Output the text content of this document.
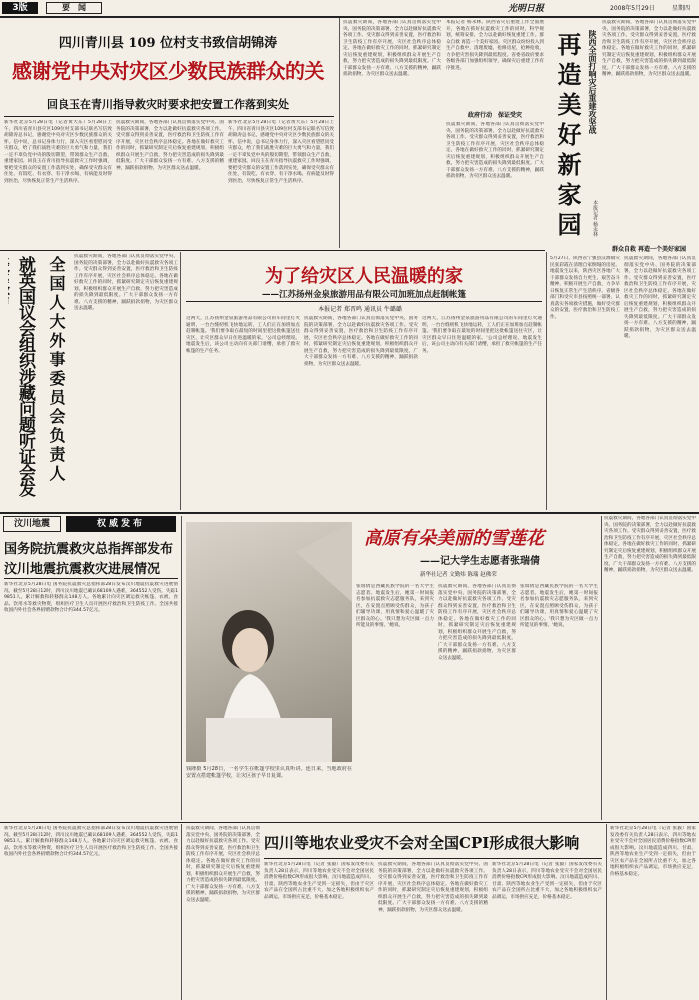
3版	要　闻	光明日报	2008年5月29日	星期四
四川青川县 109 位村支书致信胡锦涛
感谢党中央对灾区少数民族群众的关
回良玉在青川指导救灾时要求把安置工作落到实处
新华社北京5月28日电（记者黄大东）5月28日上午，四川省青川县灾区109位村支部书记联名写信致胡锦涛总书记，感谢党中央对灾区少数民族群众的关怀。信中说，总书记身体力行，深入灾区看望慰问受灾群众，给了我们战胜灾难的巨大勇气和力量，我们一定不辜负党中央的殷切期望，带领群众生产自救，重建家园。回良玉在青川指导抗震救灾工作时强调，要把受灾群众的安置工作落到实处，确保受灾群众有住处、有饭吃、有衣穿、有干净水喝、有病能及时得到医治，尽快恢复正常生产生活秩序。
抗震救灾期间，各地各部门认真贯彻落实党中央、国务院的决策部署，全力以赴做好抗震救灾各项工作。受灾群众得到妥善安置，医疗救治和卫生防疫工作有序开展，灾区社会秩序总体稳定。各地在做好救灾工作的同时，抓紧研究制定灾后恢复重建规划，积极组织群众开展生产自救，努力把灾害造成的损失降到最低限度。广大干部群众发扬一方有难、八方支援的精神，踊跃捐款捐物，为灾区群众送去温暖。
新华社北京5月28日电（记者黄大东）5月28日上午，四川省青川县灾区109位村支部书记联名写信致胡锦涛总书记，感谢党中央对灾区少数民族群众的关怀。信中说，总书记身体力行，深入灾区看望慰问受灾群众，给了我们战胜灾难的巨大勇气和力量，我们一定不辜负党中央的殷切期望，带领群众生产自救，重建家园。回良玉在青川指导抗震救灾工作时强调，要把受灾群众的安置工作落到实处，确保受灾群众有住处、有饭吃、有衣穿、有干净水喝、有病能及时得到医治，尽快恢复正常生产生活秩序。
抗震救灾期间，各地各部门认真贯彻落实党中央、国务院的决策部署，全力以赴做好抗震救灾各项工作。受灾群众得到妥善安置，医疗救治和卫生防疫工作有序开展，灾区社会秩序总体稳定。各地在做好救灾工作的同时，抓紧研究制定灾后恢复重建规划，积极组织群众开展生产自救，努力把灾害造成的损失降到最低限度。广大干部群众发扬一方有难、八方支援的精神，踊跃捐款捐物，为灾区群众送去温暖。
本报记者 杨永林。陕西省灾后重建工作全面展开，各地在抓好抗震救灾工作的同时，科学规划，统筹安排，全力以赴做好恢复重建工作。群众自救 再造一个美好家园。灾区群众纷纷投入到生产自救中，清理废墟，抢修房屋，抢种抢收，力争把灾害损失降到最低程度。省委省政府要求各级各部门加强组织领导，确保灾后重建工作有序推进。
政府行动　保证受灾
抗震救灾期间，各地各部门认真贯彻落实党中央、国务院的决策部署，全力以赴做好抗震救灾各项工作。受灾群众得到妥善安置，医疗救治和卫生防疫工作有序开展，灾区社会秩序总体稳定。各地在做好救灾工作的同时，抓紧研究制定灾后恢复重建规划，积极组织群众开展生产自救，努力把灾害造成的损失降到最低限度。广大干部群众发扬一方有难、八方支援的精神，踊跃捐款捐物，为灾区群众送去温暖。	再造美好新家园 陕西全面打响灾后重建攻坚战
本报记者 杨永林
抗震救灾期间，各地各部门认真贯彻落实党中央、国务院的决策部署，全力以赴做好抗震救灾各项工作。受灾群众得到妥善安置，医疗救治和卫生防疫工作有序开展，灾区社会秩序总体稳定。各地在做好救灾工作的同时，抓紧研究制定灾后恢复重建规划，积极组织群众开展生产自救，努力把灾害造成的损失降到最低限度。广大干部群众发扬一方有难、八方支援的精神，踊跃捐款捐物，为灾区群众送去温暖。
群众自救 再造一个美好家园
就英国议会组织涉藏问题听证会发
全国人大外事委员会负责人	抗震救灾期间，各地各部门认真贯彻落实党中央、国务院的决策部署，全力以赴做好抗震救灾各项工作。受灾群众得到妥善安置，医疗救治和卫生防疫工作有序开展，灾区社会秩序总体稳定。各地在做好救灾工作的同时，抓紧研究制定灾后恢复重建规划，积极组织群众开展生产自救，努力把灾害造成的损失降到最低限度。广大干部群众发扬一方有难、八方支援的精神，踊跃捐款捐物，为灾区群众送去温暖。
为了给灾区人民温暖的家
——江苏扬州金泉旅游用品有限公司加班加点赶制帐篷
本报记者 郑晋鸣 通讯员 牛璐璐
这两天，江苏扬州金泉旅游用品有限公司的车间里灯火通明，一台台缝纫机飞快地运转，工人们正在加班加点赶制帐篷。'我们要争取在最短的时间里把这批帐篷送往灾区，让灾区群众早日住进温暖的家。'公司总经理说。地震发生后，该公司主动向有关部门请缨，承担了救灾帐篷的生产任务。
抗震救灾期间，各地各部门认真贯彻落实党中央、国务院的决策部署，全力以赴做好抗震救灾各项工作。受灾群众得到妥善安置，医疗救治和卫生防疫工作有序开展，灾区社会秩序总体稳定。各地在做好救灾工作的同时，抓紧研究制定灾后恢复重建规划，积极组织群众开展生产自救，努力把灾害造成的损失降到最低限度。广大干部群众发扬一方有难、八方支援的精神，踊跃捐款捐物，为灾区群众送去温暖。
这两天，江苏扬州金泉旅游用品有限公司的车间里灯火通明，一台台缝纫机飞快地运转，工人们正在加班加点赶制帐篷。'我们要争取在最短的时间里把这批帐篷送往灾区，让灾区群众早日住进温暖的家。'公司总经理说。地震发生后，该公司主动向有关部门请缨，承担了救灾帐篷的生产任务。
5月27日，陕西省宁强县汉源镇灾民张彩霞在清理自家倒塌的房屋。地震发生以来，陕西灾区各地广大干部群众发扬自力更生、艰苦奋斗精神，积极开展生产自救，力争早日恢复正常生产生活秩序。省级各部门和受灾市县按照统一部署，认真落实各项救灾措施，做好受灾群众的安置、医疗救治和卫生防疫工作。
抗震救灾期间，各地各部门认真贯彻落实党中央、国务院的决策部署，全力以赴做好抗震救灾各项工作。受灾群众得到妥善安置，医疗救治和卫生防疫工作有序开展，灾区社会秩序总体稳定。各地在做好救灾工作的同时，抓紧研究制定灾后恢复重建规划，积极组织群众开展生产自救，努力把灾害造成的损失降到最低限度。广大干部群众发扬一方有难、八方支援的精神，踊跃捐款捐物，为灾区群众送去温暖。
汶川地震	权威发布
国务院抗震救灾总指挥部发布
汶川地震抗震救灾进展情况
新华社北京5月28日电 国务院抗震救灾总指挥部28日发布汶川地震抗震救灾进展情况。截至5月28日12时，四川汶川地震已确认68109人遇难，364552人受伤，失踪19851人。累计解救和转移群众148万人。各地累计向灾区调运救灾帐篷、衣被、食品、饮用水等救灾物资，组织医疗卫生人员开展医疗救治和卫生防疫工作。全国共接收国内外社会各界捐赠款物合计约344.57亿元。
钱隆摄 5月28日，一名学生在帐篷学校里认真听讲。连日来，当地政府在安置点搭建帐篷学校，让灾区孩子早日复课。
高原有朵美丽的雪莲花
——记大学生志愿者张瑞倩
新华社记者 文勤炜 陈瑞 赵佛荣
张瑞倩是西藏民族学院的一名大学生志愿者。地震发生后，她第一时间报名参加抗震救灾志愿服务队，来到灾区，在安置点照顾受伤群众，为孩子们辅导功课，用真情和爱心温暖了灾区群众的心。'我只想为灾区做一点力所能及的事情。'她说。
抗震救灾期间，各地各部门认真贯彻落实党中央、国务院的决策部署，全力以赴做好抗震救灾各项工作。受灾群众得到妥善安置，医疗救治和卫生防疫工作有序开展，灾区社会秩序总体稳定。各地在做好救灾工作的同时，抓紧研究制定灾后恢复重建规划，积极组织群众开展生产自救，努力把灾害造成的损失降到最低限度。广大干部群众发扬一方有难、八方支援的精神，踊跃捐款捐物，为灾区群众送去温暖。
张瑞倩是西藏民族学院的一名大学生志愿者。地震发生后，她第一时间报名参加抗震救灾志愿服务队，来到灾区，在安置点照顾受伤群众，为孩子们辅导功课，用真情和爱心温暖了灾区群众的心。'我只想为灾区做一点力所能及的事情。'她说。
抗震救灾期间，各地各部门认真贯彻落实党中央、国务院的决策部署，全力以赴做好抗震救灾各项工作。受灾群众得到妥善安置，医疗救治和卫生防疫工作有序开展，灾区社会秩序总体稳定。各地在做好救灾工作的同时，抓紧研究制定灾后恢复重建规划，积极组织群众开展生产自救，努力把灾害造成的损失降到最低限度。广大干部群众发扬一方有难、八方支援的精神，踊跃捐款捐物，为灾区群众送去温暖。
新华社北京5月28日电 国务院抗震救灾总指挥部28日发布汶川地震抗震救灾进展情况。截至5月28日12时，四川汶川地震已确认68109人遇难，364552人受伤，失踪19851人。累计解救和转移群众148万人。各地累计向灾区调运救灾帐篷、衣被、食品、饮用水等救灾物资，组织医疗卫生人员开展医疗救治和卫生防疫工作。全国共接收国内外社会各界捐赠款物合计约344.57亿元。
抗震救灾期间，各地各部门认真贯彻落实党中央、国务院的决策部署，全力以赴做好抗震救灾各项工作。受灾群众得到妥善安置，医疗救治和卫生防疫工作有序开展，灾区社会秩序总体稳定。各地在做好救灾工作的同时，抓紧研究制定灾后恢复重建规划，积极组织群众开展生产自救，努力把灾害造成的损失降到最低限度。广大干部群众发扬一方有难、八方支援的精神，踊跃捐款捐物，为灾区群众送去温暖。
四川等地农业受灾不会对全国CPI形成很大影响
新华社北京5月28日电（记者 张毅）国家发改委有关负责人28日表示，四川等地农业受灾不会对全国居民消费价格指数CPI形成很大影响。汶川地震造成四川、甘肃、陕西等地农业生产受到一定损失，但由于灾区农产品在全国所占比重不大，加之各地积极组织农产品调运，市场供应充足，价格基本稳定。
抗震救灾期间，各地各部门认真贯彻落实党中央、国务院的决策部署，全力以赴做好抗震救灾各项工作。受灾群众得到妥善安置，医疗救治和卫生防疫工作有序开展，灾区社会秩序总体稳定。各地在做好救灾工作的同时，抓紧研究制定灾后恢复重建规划，积极组织群众开展生产自救，努力把灾害造成的损失降到最低限度。广大干部群众发扬一方有难、八方支援的精神，踊跃捐款捐物，为灾区群众送去温暖。
新华社北京5月28日电（记者 张毅）国家发改委有关负责人28日表示，四川等地农业受灾不会对全国居民消费价格指数CPI形成很大影响。汶川地震造成四川、甘肃、陕西等地农业生产受到一定损失，但由于灾区农产品在全国所占比重不大，加之各地积极组织农产品调运，市场供应充足，价格基本稳定。
新华社北京5月28日电（记者 张毅）国家发改委有关负责人28日表示，四川等地农业受灾不会对全国居民消费价格指数CPI形成很大影响。汶川地震造成四川、甘肃、陕西等地农业生产受到一定损失，但由于灾区农产品在全国所占比重不大，加之各地积极组织农产品调运，市场供应充足，价格基本稳定。
